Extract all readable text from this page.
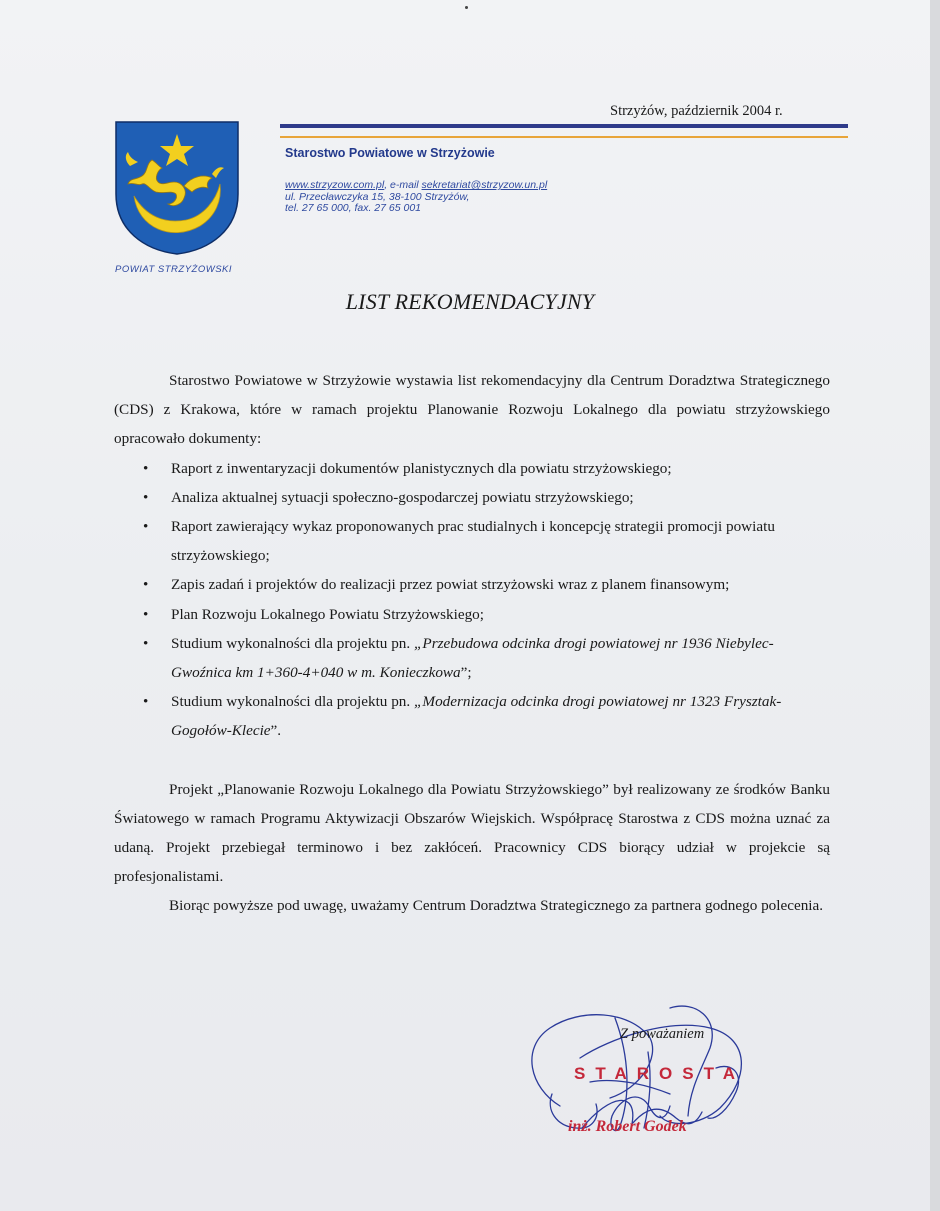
Strzyżów, październik 2004 r.
POWIAT STRZYŻOWSKI
Starostwo Powiatowe w Strzyżowie
www.strzyzow.com.pl, e-mail sekretariat@strzyzow.un.pl
ul. Przecławczyka 15, 38-100 Strzyżów,
tel. 27 65 000, fax. 27 65 001
LIST REKOMENDACYJNY

Starostwo Powiatowe w Strzyżowie wystawia list rekomendacyjny dla Centrum Doradztwa Strategicznego (CDS) z Krakowa, które w ramach projektu Planowanie Rozwoju Lokalnego dla powiatu strzyżowskiego opracowało dokumenty:

• Raport z inwentaryzacji dokumentów planistycznych dla powiatu strzyżowskiego;
• Analiza aktualnej sytuacji społeczno-gospodarczej powiatu strzyżowskiego;
• Raport zawierający wykaz proponowanych prac studialnych i koncepcję strategii promocji powiatu strzyżowskiego;
• Zapis zadań i projektów do realizacji przez powiat strzyżowski wraz z planem finansowym;
• Plan Rozwoju Lokalnego Powiatu Strzyżowskiego;
• Studium wykonalności dla projektu pn. „Przebudowa odcinka drogi powiatowej nr 1936 Niebylec-Gwoźnica km 1+360-4+040 w m. Konieczkowa”;
• Studium wykonalności dla projektu pn. „Modernizacja odcinka drogi powiatowej nr 1323 Frysztak-Gogołów-Klecie”.

Projekt „Planowanie Rozwoju Lokalnego dla Powiatu Strzyżowskiego” był realizowany ze środków Banku Światowego w ramach Programu Aktywizacji Obszarów Wiejskich. Współpracę Starostwa z CDS można uznać za udaną. Projekt przebiegał terminowo i bez zakłóceń. Pracownicy CDS biorący udział w projekcie są profesjonalistami.

Biorąc powyższe pod uwagę, uważamy Centrum Doradztwa Strategicznego za partnera godnego polecenia.

Z poważaniem
STAROSTA
inż. Robert Godek
